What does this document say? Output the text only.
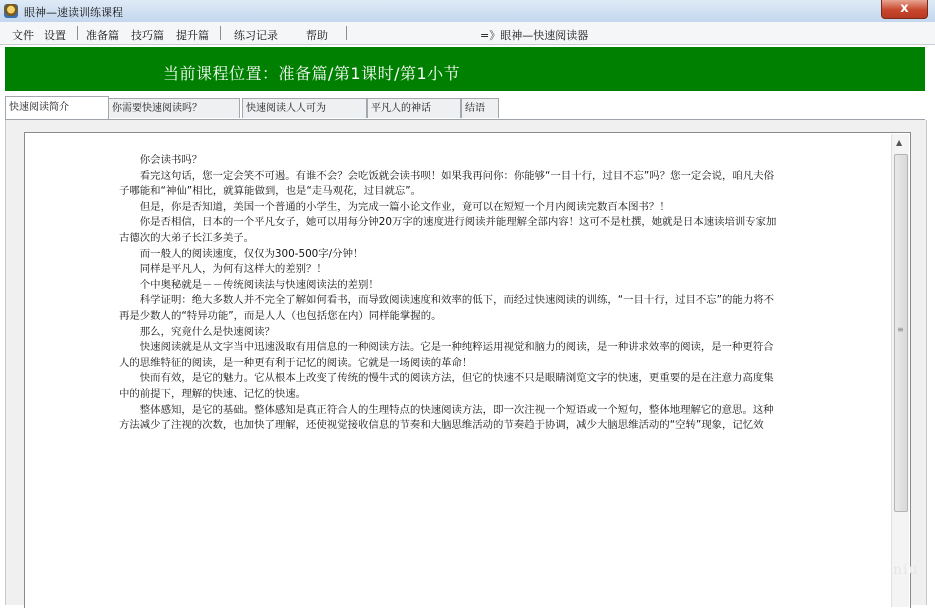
眼神—速读训练课程	x
文件 设置 准备篇 技巧篇 提升篇 练习记录	帮助	=》眼神—快速阅读器
当前课程位置：准备篇/第1课时/第1小节
快速阅读简介	你需要快速阅读吗？	快速阅读人人可为	平凡人的神话	结语

你会读书吗？

看完这句话，您一定会笑不可遏。有谁不会？会吃饭就会读书呗！如果我再问你：你能够“一目十行，过目不忘”吗？您一定会说，咱凡夫俗子哪能和“神仙”相比，就算能做到，也是“走马观花，过目就忘”。

但是，你是否知道，美国一个普通的小学生，为完成一篇小论文作业，竟可以在短短一个月内阅读完数百本图书？！

你是否相信，日本的一个平凡女子，她可以用每分钟20万字的速度进行阅读并能理解全部内容！这可不是杜撰，她就是日本速读培训专家加古德次的大弟子长江多美子。

而一般人的阅读速度，仅仅为300-500字/分钟！

同样是平凡人，为何有这样大的差别？！

个中奥秘就是－－传统阅读法与快速阅读法的差别！

科学证明：绝大多数人并不完全了解如何看书，而导致阅读速度和效率的低下，而经过快速阅读的训练，“一目十行，过目不忘”的能力将不再是少数人的“特异功能”，而是人人（也包括您在内）同样能掌握的。

那么，究竟什么是快速阅读？

快速阅读就是从文字当中迅速汲取有用信息的一种阅读方法。它是一种纯粹运用视觉和脑力的阅读，是一种讲求效率的阅读，是一种更符合人的思维特征的阅读，是一种更有利于记忆的阅读。它就是一场阅读的革命！

快而有效，是它的魅力。它从根本上改变了传统的慢牛式的阅读方法，但它的快速不只是眼睛浏览文字的快速，更重要的是在注意力高度集中的前提下，理解的快速、记忆的快速。

整体感知，是它的基础。整体感知是真正符合人的生理特点的快速阅读方法，即一次注视一个短语或一个短句，整体地理解它的意思。这种方法减少了注视的次数，也加快了理解，还使视觉接收信息的节奏和大脑思维活动的节奏趋于协调，减少大脑思维活动的“空转”现象，记忆效

▲
≡
niu
